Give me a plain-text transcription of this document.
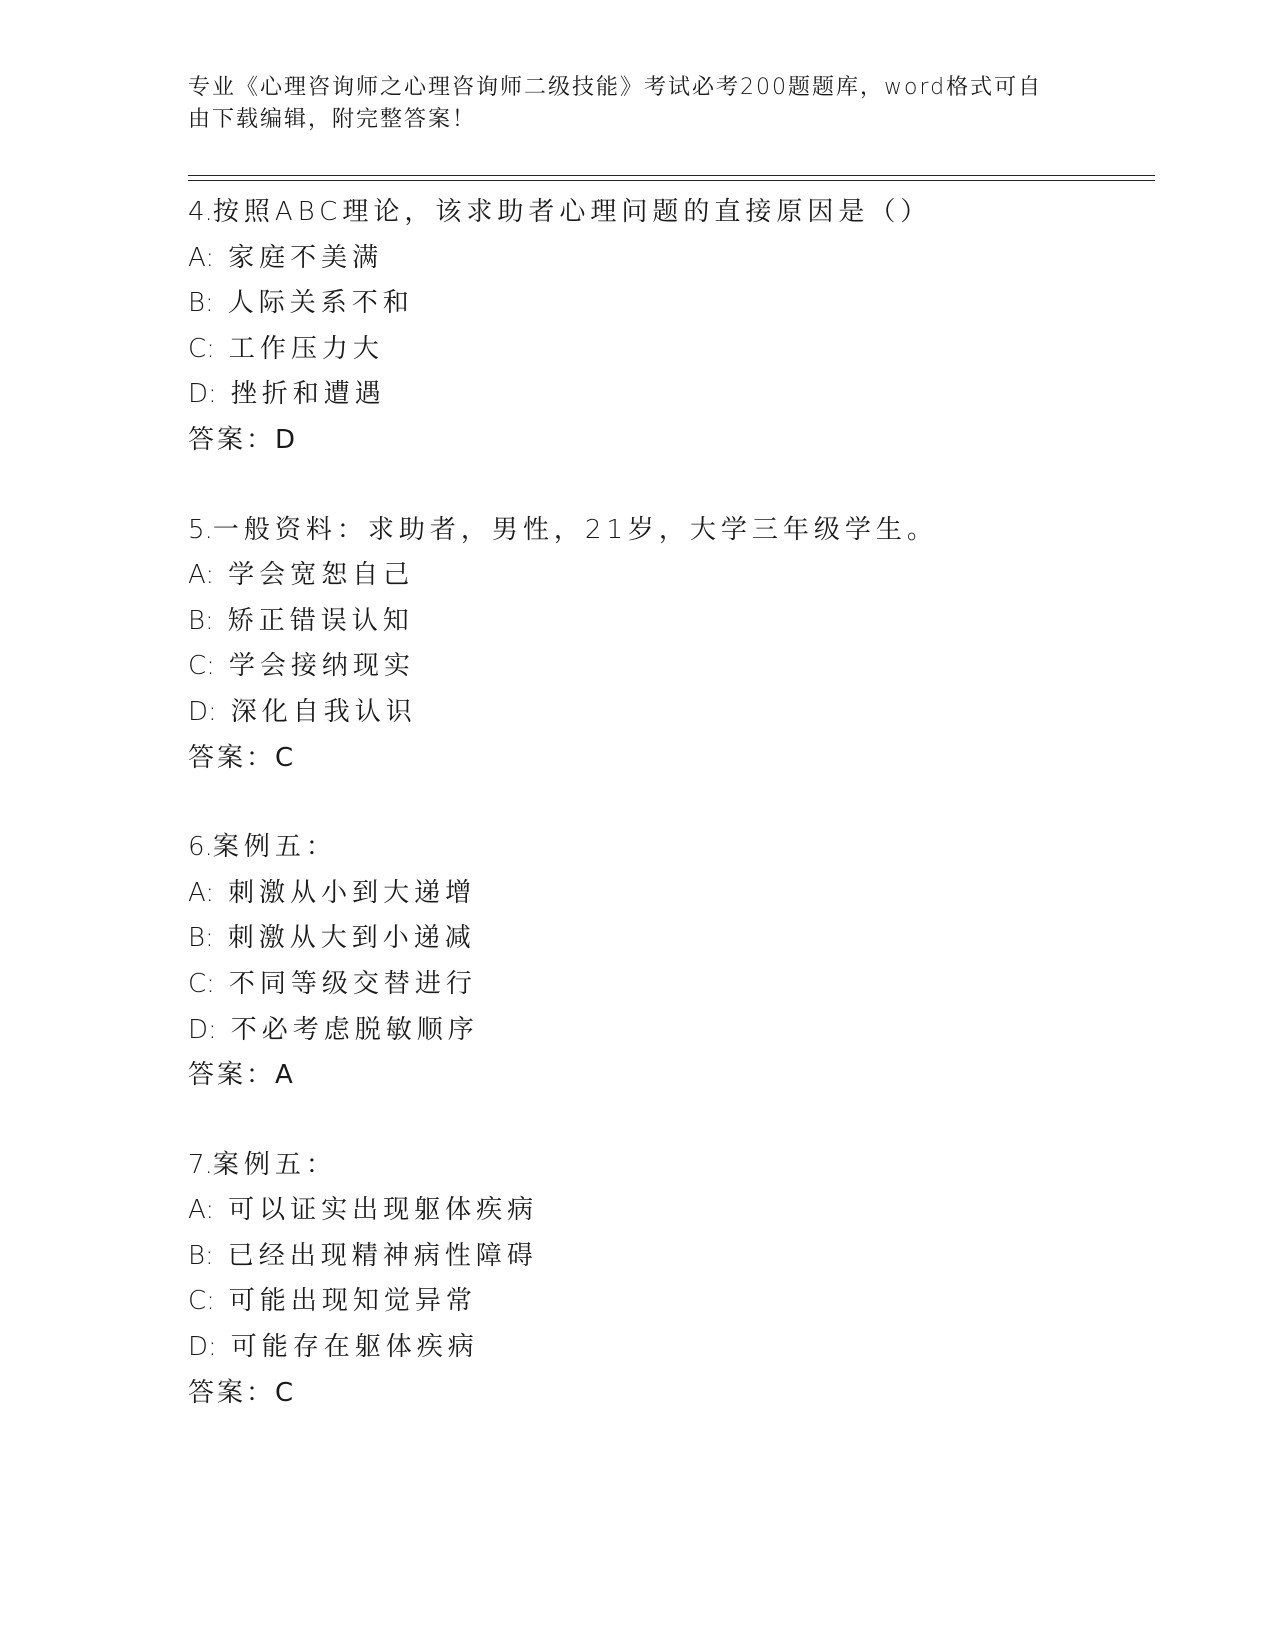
专业《心理咨询师之心理咨询师二级技能》考试必考200题题库，word格式可自
由下载编辑，附完整答案！
4.按照ABC理论，该求助者心理问题的直接原因是（）
A: 家庭不美满
B: 人际关系不和
C: 工作压力大
D: 挫折和遭遇
答案：D
5.一般资料：求助者，男性，21岁，大学三年级学生。
A: 学会宽恕自己
B: 矫正错误认知
C: 学会接纳现实
D: 深化自我认识
答案：C
6.案例五：
A: 刺激从小到大递增
B: 刺激从大到小递减
C: 不同等级交替进行
D: 不必考虑脱敏顺序
答案：A
7.案例五：
A: 可以证实出现躯体疾病
B: 已经出现精神病性障碍
C: 可能出现知觉异常
D: 可能存在躯体疾病
答案：C
